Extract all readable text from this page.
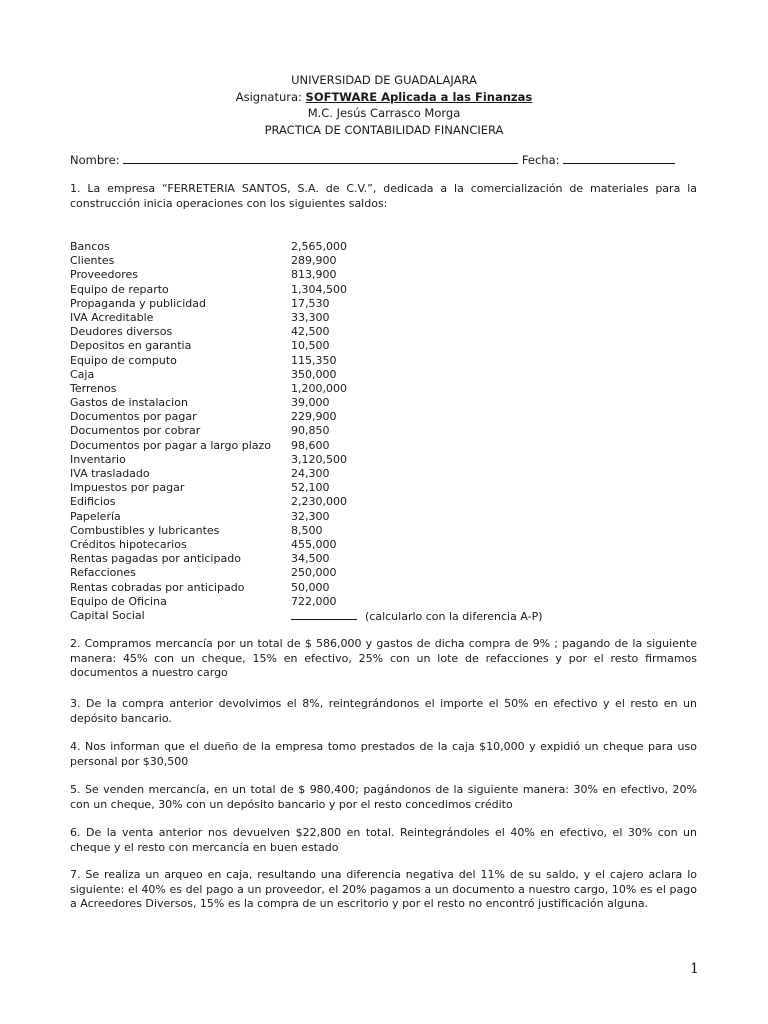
UNIVERSIDAD DE GUADALAJARA
Asignatura: SOFTWARE Aplicada a las Finanzas
M.C. Jesús Carrasco Morga
PRACTICA DE CONTABILIDAD FINANCIERA
Nombre:	Fecha:
1. La empresa “FERRETERIA SANTOS, S.A. de C.V.”, dedicada a la comercialización de materiales para la construcción inicia operaciones con los siguientes saldos:
Bancos	2,565,000
Clientes	289,900
Proveedores	813,900
Equipo de reparto	1,304,500
Propaganda y publicidad	17,530
IVA Acreditable	33,300
Deudores diversos	42,500
Depositos en garantia	10,500
Equipo de computo	115,350
Caja	350,000
Terrenos	1,200,000
Gastos de instalacion	39,000
Documentos por pagar	229,900
Documentos por cobrar	90,850
Documentos por pagar a largo plazo	98,600
Inventario	3,120,500
IVA trasladado	24,300
Impuestos por pagar	52,100
Edificios	2,230,000
Papelería	32,300
Combustibles y lubricantes	8,500
Créditos hipotecarios	455,000
Rentas pagadas por anticipado	34,500
Refacciones	250,000
Rentas cobradas por anticipado	50,000
Equipo de Oficina	722,000
Capital Social	(calcularlo con la diferencia A-P)
2. Compramos mercancía por un total de $ 586,000 y gastos de dicha compra de 9% ; pagando de la siguiente manera: 45% con un cheque, 15% en efectivo, 25% con un lote de refacciones y por el resto firmamos documentos a nuestro cargo
3. De la compra anterior devolvimos el 8%, reintegrándonos el importe el 50% en efectivo y el resto en un depósito bancario.
4. Nos informan que el dueño de la empresa tomo prestados de la caja $10,000 y expidió un cheque para uso personal por $30,500
5. Se venden mercancía, en un total de $ 980,400; pagándonos de la siguiente manera: 30% en efectivo, 20% con un cheque, 30% con un depósito bancario y por el resto concedimos crédito
6. De la venta anterior nos devuelven $22,800 en total. Reintegrándoles el 40% en efectivo, el 30% con un cheque y el resto con mercancía en buen estado
7. Se realiza un arqueo en caja, resultando una diferencia negativa del 11% de su saldo, y el cajero aclara lo siguiente: el 40% es del pago a un proveedor, el 20% pagamos a un documento a nuestro cargo, 10% es el pago a Acreedores Diversos, 15% es la compra de un escritorio y por el resto no encontró justificación alguna.
1
